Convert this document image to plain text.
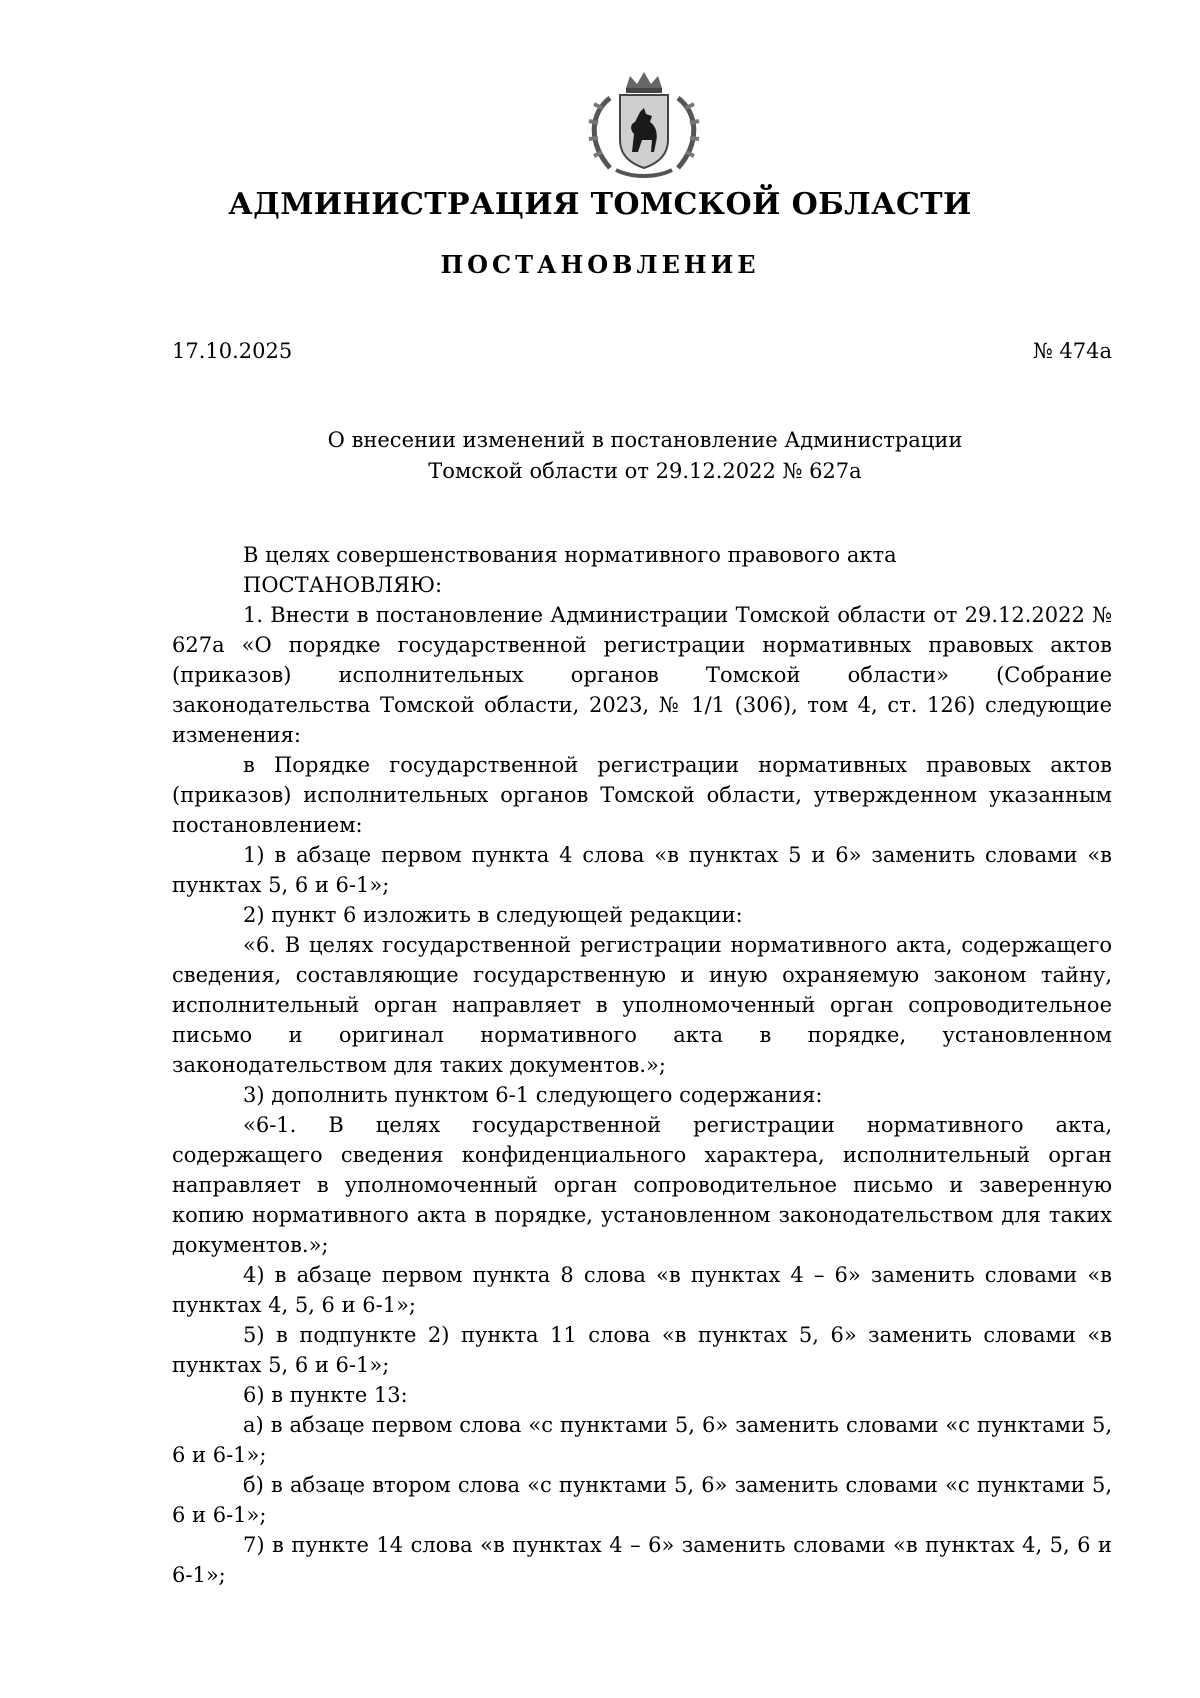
АДМИНИСТРАЦИЯ ТОМСКОЙ ОБЛАСТИ
ПОСТАНОВЛЕНИЕ
17.10.2025	№ 474а
О внесении изменений в постановление Администрации
Томской области от 29.12.2022 № 627а

В целях совершенствования нормативного правового акта

ПОСТАНОВЛЯЮ:

1. Внести в постановление Администрации Томской области от 29.12.2022 № 627а «О порядке государственной регистрации нормативных правовых актов (приказов) исполнительных органов Томской области» (Собрание законодательства Томской области, 2023, № 1/1 (306), том 4, ст. 126) следующие изменения:

в Порядке государственной регистрации нормативных правовых актов (приказов) исполнительных органов Томской области, утвержденном указанным постановлением:

1) в абзаце первом пункта 4 слова «в пунктах 5 и 6» заменить словами «в пунктах 5, 6 и 6-1»;

2) пункт 6 изложить в следующей редакции:

«6. В целях государственной регистрации нормативного акта, содержащего сведения, составляющие государственную и иную охраняемую законом тайну, исполнительный орган направляет в уполномоченный орган сопроводительное письмо и оригинал нормативного акта в порядке, установленном законодательством для таких документов.»;

3) дополнить пунктом 6-1 следующего содержания:

«6-1. В целях государственной регистрации нормативного акта, содержащего сведения конфиденциального характера, исполнительный орган направляет в уполномоченный орган сопроводительное письмо и заверенную копию нормативного акта в порядке, установленном законодательством для таких документов.»;

4) в абзаце первом пункта 8 слова «в пунктах 4 – 6» заменить словами «в пунктах 4, 5, 6 и 6-1»;

5) в подпункте 2) пункта 11 слова «в пунктах 5, 6» заменить словами «в пунктах 5, 6 и 6-1»;

6) в пункте 13:

а) в абзаце первом слова «с пунктами 5, 6» заменить словами «с пунктами 5, 6 и 6-1»;

б) в абзаце втором слова «с пунктами 5, 6» заменить словами «с пунктами 5, 6 и 6-1»;

7) в пункте 14 слова «в пунктах 4 – 6» заменить словами «в пунктах 4, 5, 6 и 6-1»;
